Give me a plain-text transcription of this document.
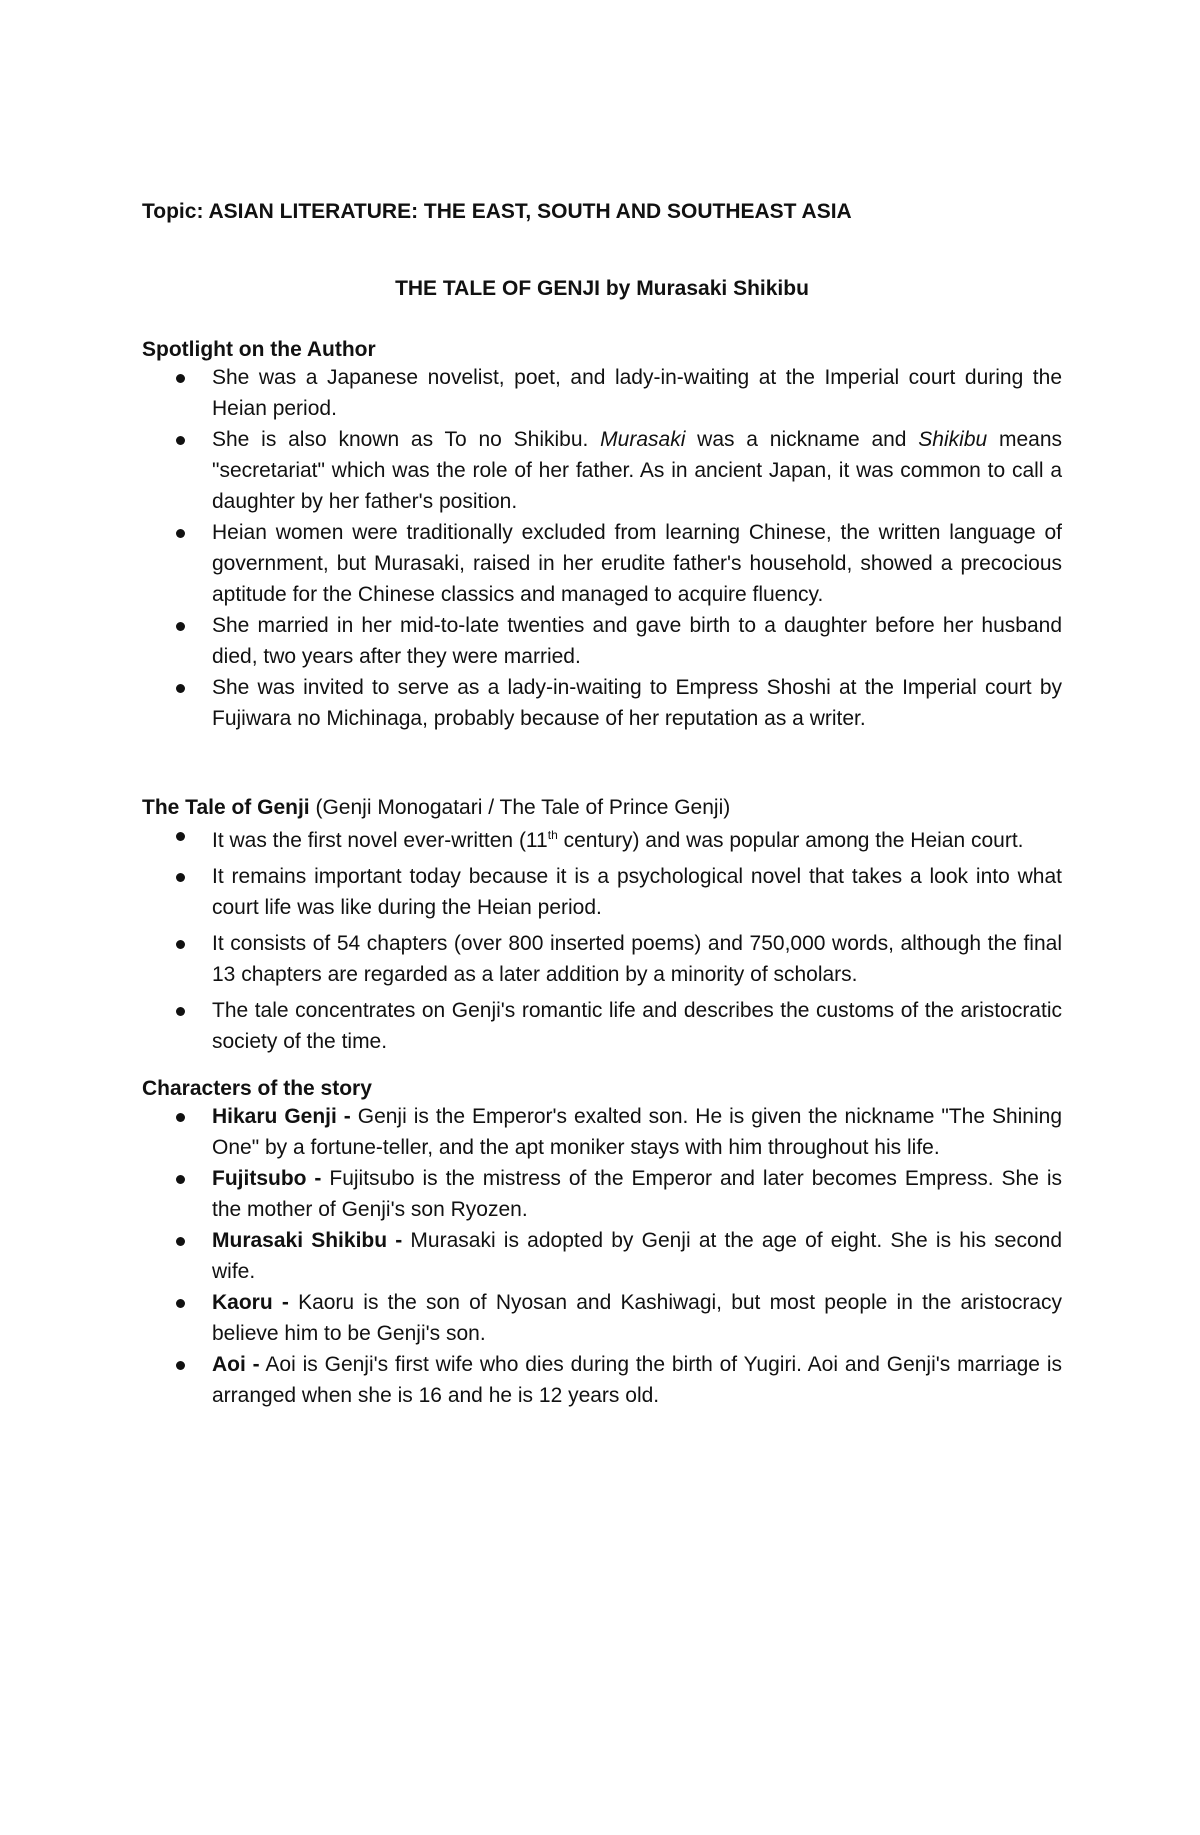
Topic: ASIAN LITERATURE: THE EAST, SOUTH AND SOUTHEAST ASIA

THE TALE OF GENJI by Murasaki Shikibu

Spotlight on the Author

She was a Japanese novelist, poet, and lady-in-waiting at the Imperial court during the Heian period.
She is also known as To no Shikibu. Murasaki was a nickname and Shikibu means "secretariat" which was the role of her father. As in ancient Japan, it was common to call a daughter by her father's position.
Heian women were traditionally excluded from learning Chinese, the written language of government, but Murasaki, raised in her erudite father's household, showed a precocious aptitude for the Chinese classics and managed to acquire fluency.
She married in her mid-to-late twenties and gave birth to a daughter before her husband died, two years after they were married.
She was invited to serve as a lady-in-waiting to Empress Shoshi at the Imperial court by Fujiwara no Michinaga, probably because of her reputation as a writer.

The Tale of Genji (Genji Monogatari / The Tale of Prince Genji)

It was the first novel ever-written (11th century) and was popular among the Heian court.
It remains important today because it is a psychological novel that takes a look into what court life was like during the Heian period.
It consists of 54 chapters (over 800 inserted poems) and 750,000 words, although the final 13 chapters are regarded as a later addition by a minority of scholars.
The tale concentrates on Genji's romantic life and describes the customs of the aristocratic society of the time.

Characters of the story

Hikaru Genji - Genji is the Emperor's exalted son. He is given the nickname "The Shining One" by a fortune-teller, and the apt moniker stays with him throughout his life.
Fujitsubo - Fujitsubo is the mistress of the Emperor and later becomes Empress. She is the mother of Genji's son Ryozen.
Murasaki Shikibu - Murasaki is adopted by Genji at the age of eight. She is his second wife.
Kaoru - Kaoru is the son of Nyosan and Kashiwagi, but most people in the aristocracy believe him to be Genji's son.
Aoi - Aoi is Genji's first wife who dies during the birth of Yugiri. Aoi and Genji's marriage is arranged when she is 16 and he is 12 years old.
